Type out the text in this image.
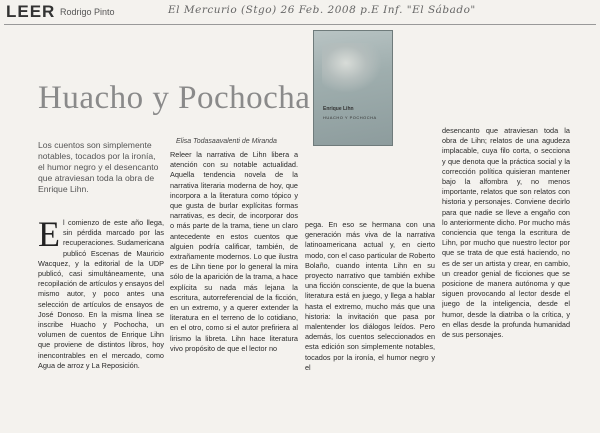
LEER Rodrigo Pinto	El Mercurio (Stgo) 26 Feb. 2008 p.E Inf. "El Sábado"
Huacho y Pochocha	Enrique Lihn
HUACHO Y POCHOCHA
Elisa Todasaavalenti de Miranda
Los cuentos son simplemente notables, tocados por la ironía, el humor negro y el desencanto que atraviesan toda la obra de Enrique Lihn.

El comienzo de este año llega, sin pérdida marcado por las recuperaciones. Sudamericana publicó Escenas de Mauricio Wacquez, y la editorial de la UDP publicó, casi simultáneamente, una recopilación de artículos y ensayos del mismo autor, y poco antes una selección de artículos de ensayos de José Donoso. En la misma línea se inscribe Huacho y Pochocha, un volumen de cuentos de Enrique Lihn que proviene de distintos libros, hoy inencontrables en el mercado, como Agua de arroz y La Reposición.

Releer la narrativa de Lihn libera a atención con su notable actualidad. Aquella tendencia novela de la narrativa literaria moderna de hoy, que incorpora a la literatura como tópico y que gusta de burlar explícitas formas narrativas, es decir, de incorporar dos o más parte de la trama, tiene un claro antecedente en estos cuentos que alguien podría calificar, también, de extrañamente modernos. Lo que ilustra es de Lihn tiene por lo general la mira sólo de la aparición de la trama, a hace explícita su nada más lejana la escritura, autorreferencial de la ficción, en un extremo, y a querer extender la literatura en el terreno de lo cotidiano, en el otro, como si el autor prefiriera al lirismo la libreta. Lihn hace literatura vivo propósito de que el lector no

pega. En eso se hermana con una generación más viva de la narrativa latinoamericana actual y, en cierto modo, con el caso particular de Roberto Bolaño, cuando intenta Lihn en su proyecto narrativo que también exhibe una ficción consciente, de que la buena literatura está en juego, y llega a hablar hasta el extremo, mucho más que una historia: la invitación que pasa por malentender los diálogos leídos. Pero además, los cuentos seleccionados en esta edición son simplemente notables, tocados por la ironía, el humor negro y el

desencanto que atraviesan toda la obra de Lihn; relatos de una agudeza implacable, cuya filo corta, o secciona y que denota que la práctica social y la corrección política quisieran mantener bajo la alfombra y, no menos importante, relatos que son relatos con historia y personajes. Conviene decirlo para que nadie se lleve a engaño con lo anteriormente dicho. Por mucho más conciencia que tenga la escritura de Lihn, por mucho que nuestro lector por que se trata de que está haciendo, no es de ser un artista y crear, en cambio, un creador genial de ficciones que se posicione de manera autónoma y que siguen provocando al lector desde el juego de la inteligencia, desde el humor, desde la diatriba o la crítica, y en ellas desde la profunda humanidad de sus personajes.
